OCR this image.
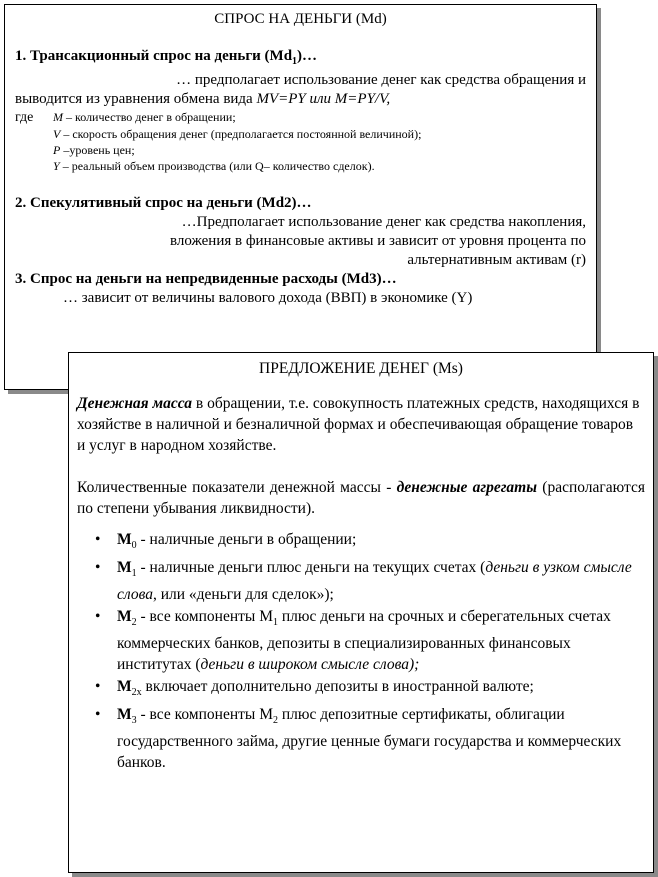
СПРОС НА ДЕНЬГИ (Md)
1. Трансакционный спрос на деньги $(Md_1)\dots$
… предполагает использование денег как средства обращения и
выводится из уравнения обмена вида MV=PY или M=PY/V,
где M – количество денег в обращении;
V – скорость обращения денег (предполагается постоянной величиной);
P –уровень цен;
Y – реальный объем производства (или Q– количество сделок).
2. Спекулятивный спрос на деньги (Md2)…
…Предполагает использование денег как средства накопления,
вложения в финансовые активы и зависит от уровня процента по
альтернативным активам (r)
3. Спрос на деньги на непредвиденные расходы (Md3)…
… зависит от величины валового дохода (ВВП) в экономике (Y)
ПРЕДЛОЖЕНИЕ ДЕНЕГ (Ms)
Денежная масса в обращении, т.е. совокупность платежных средств, находящихся в хозяйстве в наличной и безналичной формах и обеспечивающая обращение товаров и услуг в народном хозяйстве.
Количественные показатели денежной массы - денежные агрегаты (располагаются по степени убывания ликвидности).
• $М_0$ - наличные деньги в обращении;
• $М_1$ - наличные деньги плюс деньги на текущих счетах (деньги в узком смысле слова, или «деньги для сделок»);
• $М_2$ - все компоненты $М_1$ плюс деньги на срочных и сберегательных счетах коммерческих банков, депозиты в специализированных финансовых институтах (деньги в широком смысле слова);
• $М_{2х}$ включает дополнительно депозиты в иностранной валюте;
• $М_3$ - все компоненты $М_2$ плюс депозитные сертификаты, облигации государственного займа, другие ценные бумаги государства и коммерческих банков.
